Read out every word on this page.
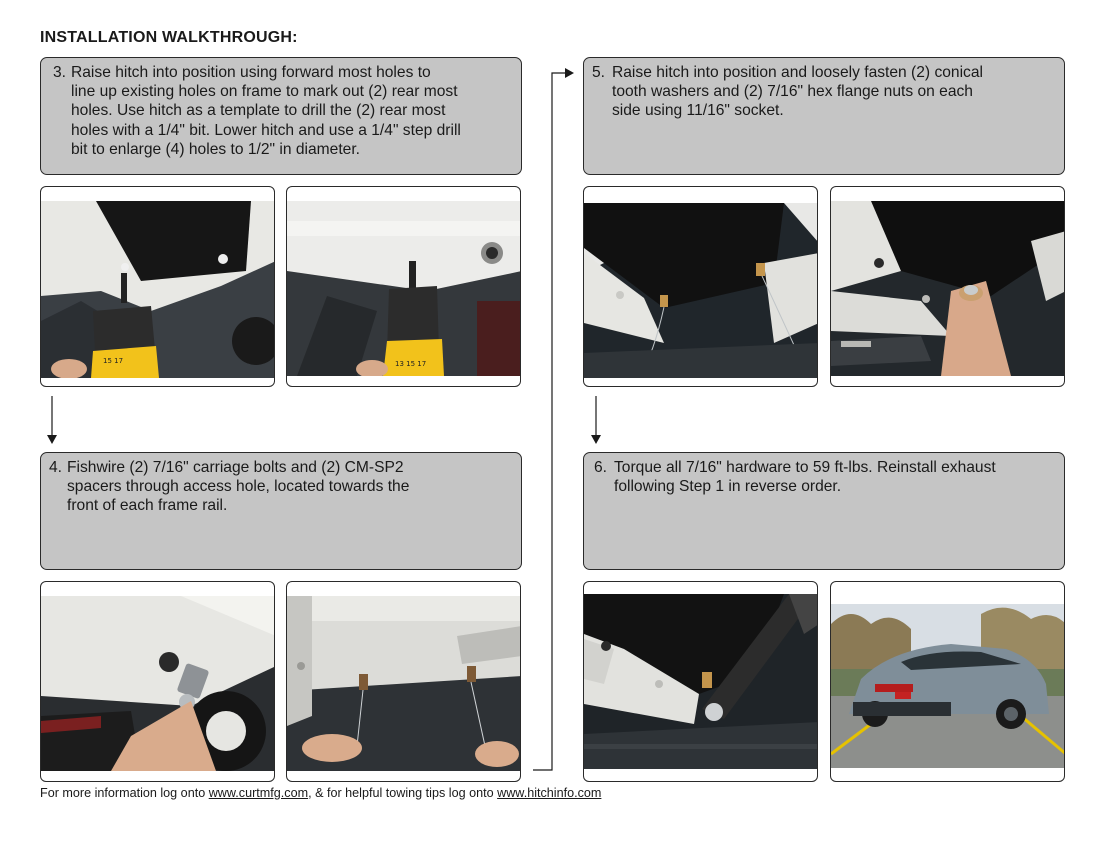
INSTALLATION WALKTHROUGH:
3. Raise hitch into position using forward most holes to
line up existing holes on frame to mark out (2) rear most
holes. Use hitch as a template to drill the (2) rear most
holes with a 1/4" bit. Lower hitch and use a 1/4" step drill
bit to enlarge (4) holes to 1/2" in diameter.
5. Raise hitch into position and loosely fasten (2) conical
tooth washers and (2) 7/16" hex flange nuts on each
side using 11/16" socket.
4. Fishwire (2) 7/16" carriage bolts and (2) CM-SP2
spacers through access hole, located towards the
front of each frame rail.
6. Torque all 7/16" hardware to 59 ft-lbs. Reinstall exhaust
following Step 1 in reverse order.
15 17	13 15 17
For more information log onto www.curtmfg.com, & for helpful towing tips log onto www.hitchinfo.com
